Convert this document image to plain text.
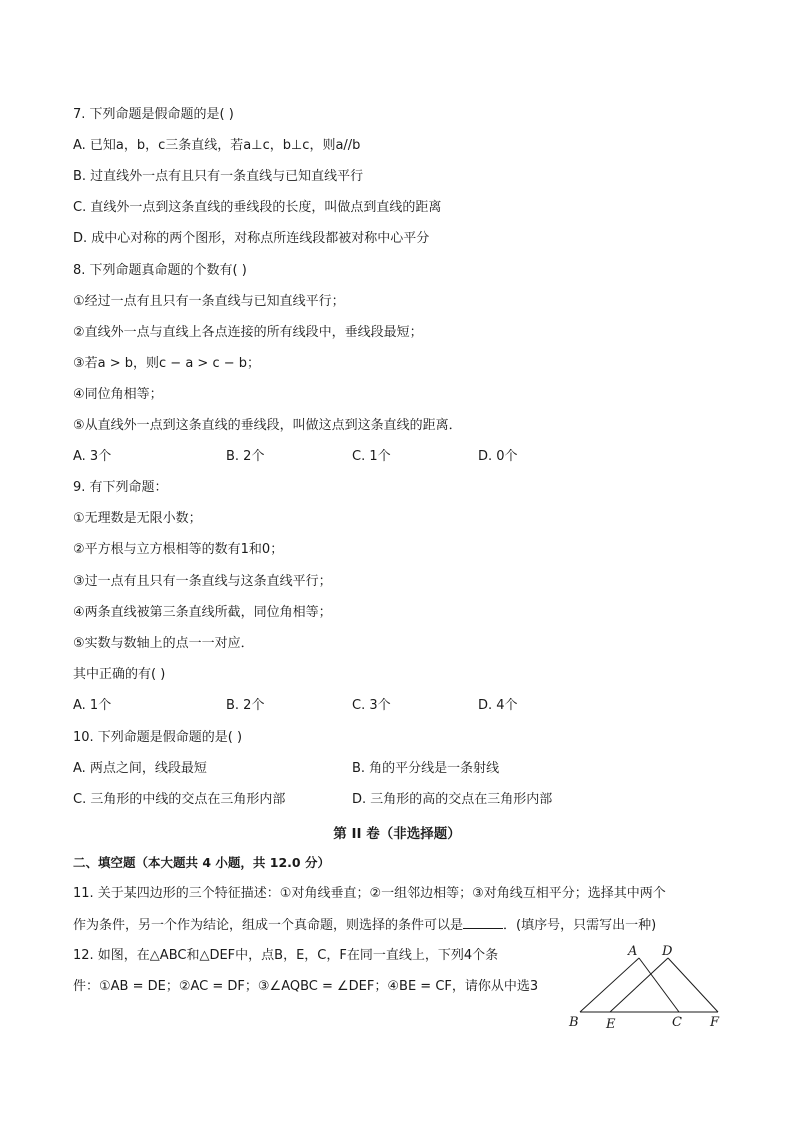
7. 下列命题是假命题的是( )
A. 已知a，b，c三条直线，若a⊥c，b⊥c，则a//b
B. 过直线外一点有且只有一条直线与已知直线平行
C. 直线外一点到这条直线的垂线段的长度，叫做点到直线的距离
D. 成中心对称的两个图形，对称点所连线段都被对称中心平分
8. 下列命题真命题的个数有( )
①经过一点有且只有一条直线与已知直线平行；
②直线外一点与直线上各点连接的所有线段中，垂线段最短；
③若a > b，则c − a > c − b；
④同位角相等；
⑤从直线外一点到这条直线的垂线段，叫做这点到这条直线的距离．
A. 3个	B. 2个	C. 1个	D. 0个
9. 有下列命题：
①无理数是无限小数；
②平方根与立方根相等的数有1和0；
③过一点有且只有一条直线与这条直线平行；
④两条直线被第三条直线所截，同位角相等；
⑤实数与数轴上的点一一对应．
其中正确的有( )
A. 1个	B. 2个	C. 3个	D. 4个
10. 下列命题是假命题的是( )
A. 两点之间，线段最短	B. 角的平分线是一条射线
C. 三角形的中线的交点在三角形内部	D. 三角形的高的交点在三角形内部
第 II 卷（非选择题）
二、填空题（本大题共 4 小题，共 12.0 分）
11. 关于某四边形的三个特征描述：①对角线垂直；②一组邻边相等；③对角线互相平分；选择其中两个
作为条件，另一个作为结论，组成一个真命题，则选择的条件可以是	．(填序号，只需写出一种)
12. 如图，在△ABC和△DEF中，点B，E，C，F在同一直线上，下列4个条
件：①AB = DE；②AC = DF；③∠AQBC = ∠DEF；④BE = CF，请你从中选3
A D
B E	C F
